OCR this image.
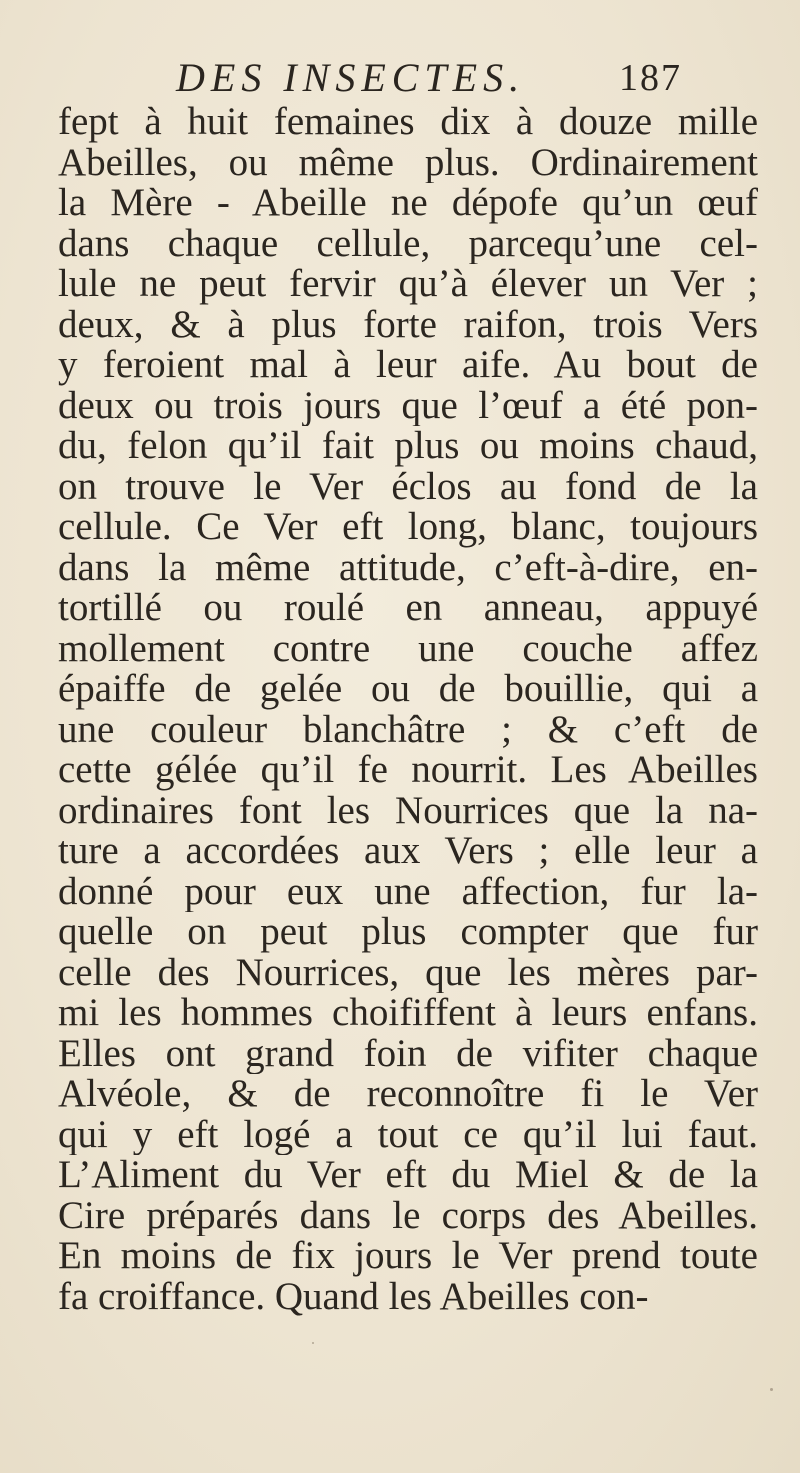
DES INSECTES. 187
fept à huit femaines dix à douze mille
Abeilles, ou même plus. Ordinairement
la Mère - Abeille ne dépofe qu’un œuf
dans chaque cellule, parcequ’une cel-
lule ne peut fervir qu’à élever un Ver ;
deux, & à plus forte raifon, trois Vers
y feroient mal à leur aife. Au bout de
deux ou trois jours que l’œuf a été pon-
du, felon qu’il fait plus ou moins chaud,
on trouve le Ver éclos au fond de la
cellule. Ce Ver eft long, blanc, toujours
dans la même attitude, c’eft-à-dire, en-
tortillé ou roulé en anneau, appuyé
mollement contre une couche affez
épaiffe de gelée ou de bouillie, qui a
une couleur blanchâtre ; & c’eft de
cette gélée qu’il fe nourrit. Les Abeilles
ordinaires font les Nourrices que la na-
ture a accordées aux Vers ; elle leur a
donné pour eux une affection, fur la-
quelle on peut plus compter que fur
celle des Nourrices, que les mères par-
mi les hommes choififfent à leurs enfans.
Elles ont grand foin de vifiter chaque
Alvéole, & de reconnoître fi le Ver
qui y eft logé a tout ce qu’il lui faut.
L’Aliment du Ver eft du Miel & de la
Cire préparés dans le corps des Abeilles.
En moins de fix jours le Ver prend toute
fa croiffance. Quand les Abeilles con-
